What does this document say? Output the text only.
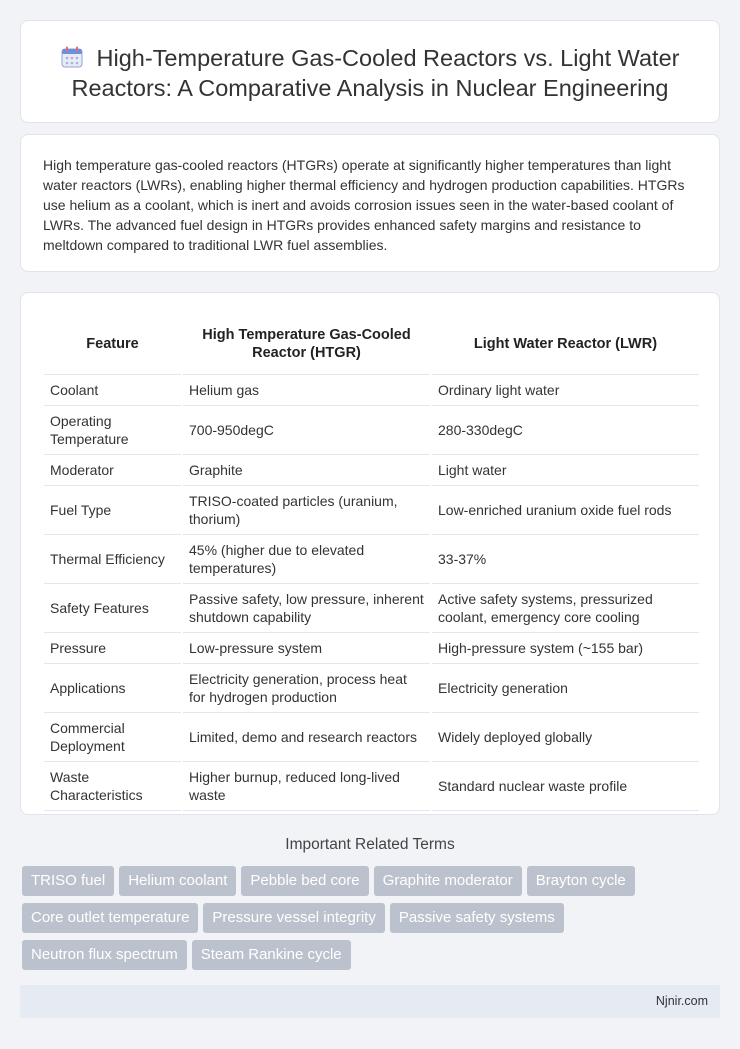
High-Temperature Gas-Cooled Reactors vs. Light Water Reactors: A Comparative Analysis in Nuclear Engineering

High temperature gas-cooled reactors (HTGRs) operate at significantly higher temperatures than light water reactors (LWRs), enabling higher thermal efficiency and hydrogen production capabilities. HTGRs use helium as a coolant, which is inert and avoids corrosion issues seen in the water-based coolant of LWRs. The advanced fuel design in HTGRs provides enhanced safety margins and resistance to meltdown compared to traditional LWR fuel assemblies.

Feature	High Temperature Gas-Cooled Reactor (HTGR)	Light Water Reactor (LWR)
Coolant	Helium gas	Ordinary light water
Operating Temperature	700-950degC	280-330degC
Moderator	Graphite	Light water
Fuel Type	TRISO-coated particles (uranium, thorium)	Low-enriched uranium oxide fuel rods
Thermal Efficiency	45% (higher due to elevated temperatures)	33-37%
Safety Features	Passive safety, low pressure, inherent shutdown capability	Active safety systems, pressurized coolant, emergency core cooling
Pressure	Low-pressure system	High-pressure system (~155 bar)
Applications	Electricity generation, process heat for hydrogen production	Electricity generation
Commercial Deployment	Limited, demo and research reactors	Widely deployed globally
Waste Characteristics	Higher burnup, reduced long-lived waste	Standard nuclear waste profile
Important Related Terms
TRISO fuel Helium coolant Pebble bed core Graphite moderator Brayton cycle
Core outlet temperature Pressure vessel integrity Passive safety systems
Neutron flux spectrum Steam Rankine cycle
Njnir.com
